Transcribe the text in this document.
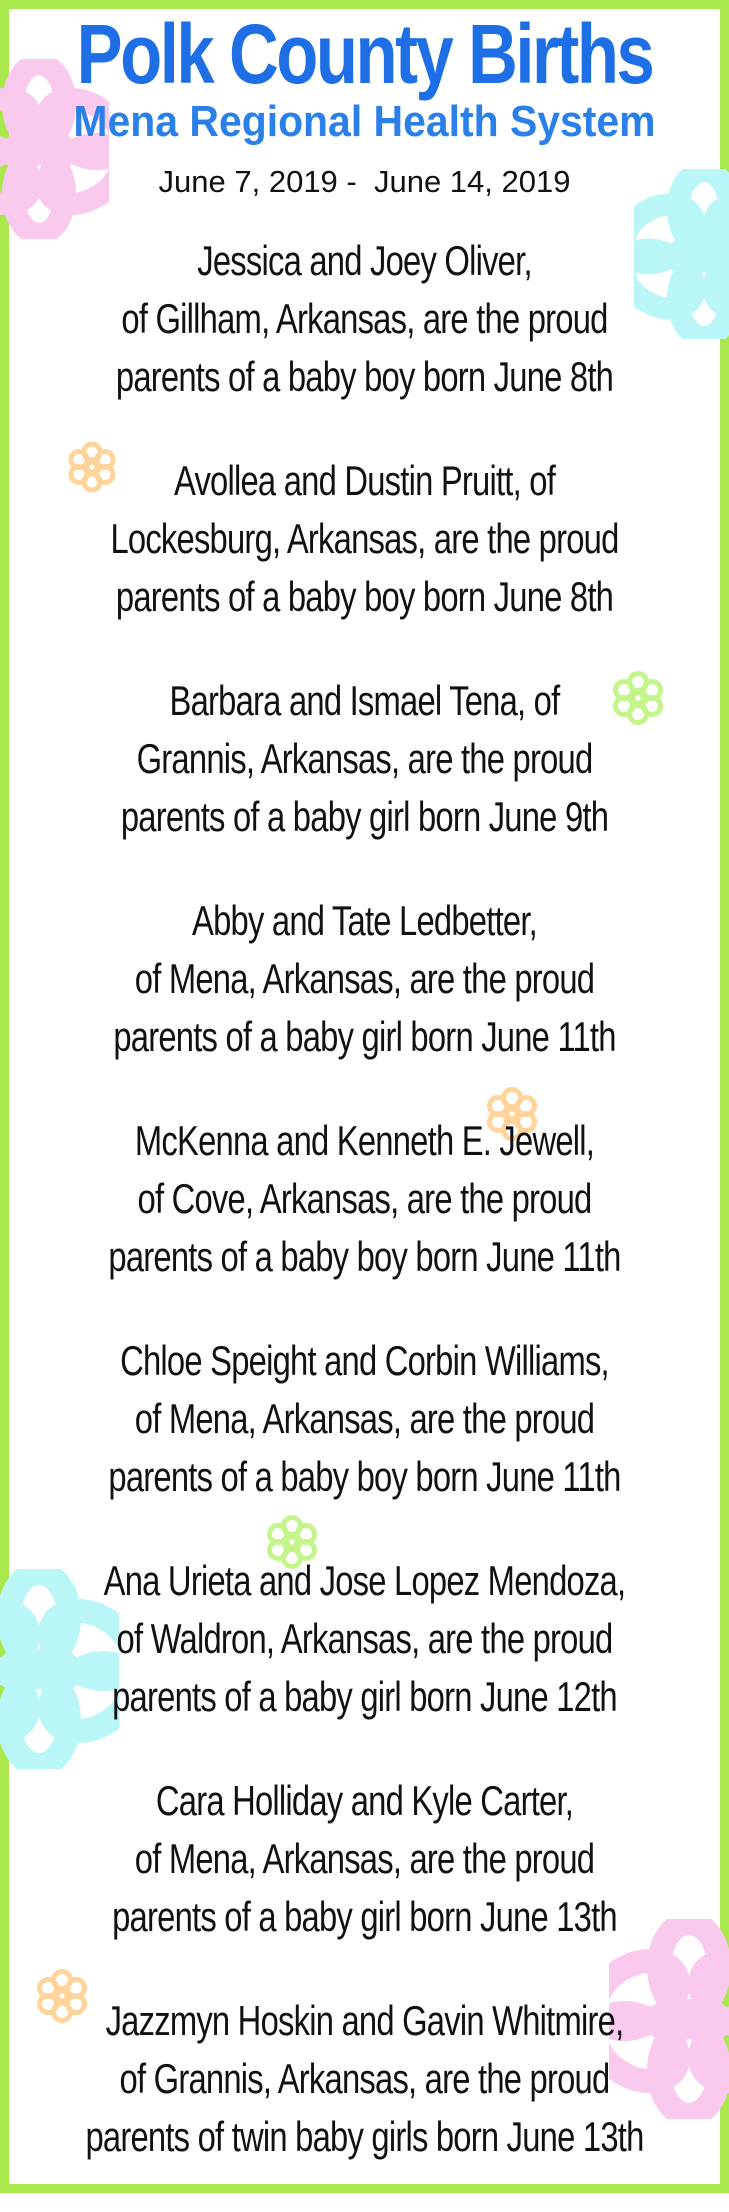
Polk County Births
Mena Regional Health System

June 7, 2019 -  June 14, 2019

Jessica and Joey Oliver,
of Gillham, Arkansas, are the proud
parents of a baby boy born June 8th
Avollea and Dustin Pruitt, of
Lockesburg, Arkansas, are the proud
parents of a baby boy born June 8th
Barbara and Ismael Tena, of
Grannis, Arkansas, are the proud
parents of a baby girl born June 9th
Abby and Tate Ledbetter,
of Mena, Arkansas, are the proud
parents of a baby girl born June 11th
McKenna and Kenneth E. Jewell,
of Cove, Arkansas, are the proud
parents of a baby boy born June 11th
Chloe Speight and Corbin Williams,
of Mena, Arkansas, are the proud
parents of a baby boy born June 11th
Ana Urieta and Jose Lopez Mendoza,
of Waldron, Arkansas, are the proud
parents of a baby girl born June 12th
Cara Holliday and Kyle Carter,
of Mena, Arkansas, are the proud
parents of a baby girl born June 13th
Jazzmyn Hoskin and Gavin Whitmire,
of Grannis, Arkansas, are the proud
parents of twin baby girls born June 13th
